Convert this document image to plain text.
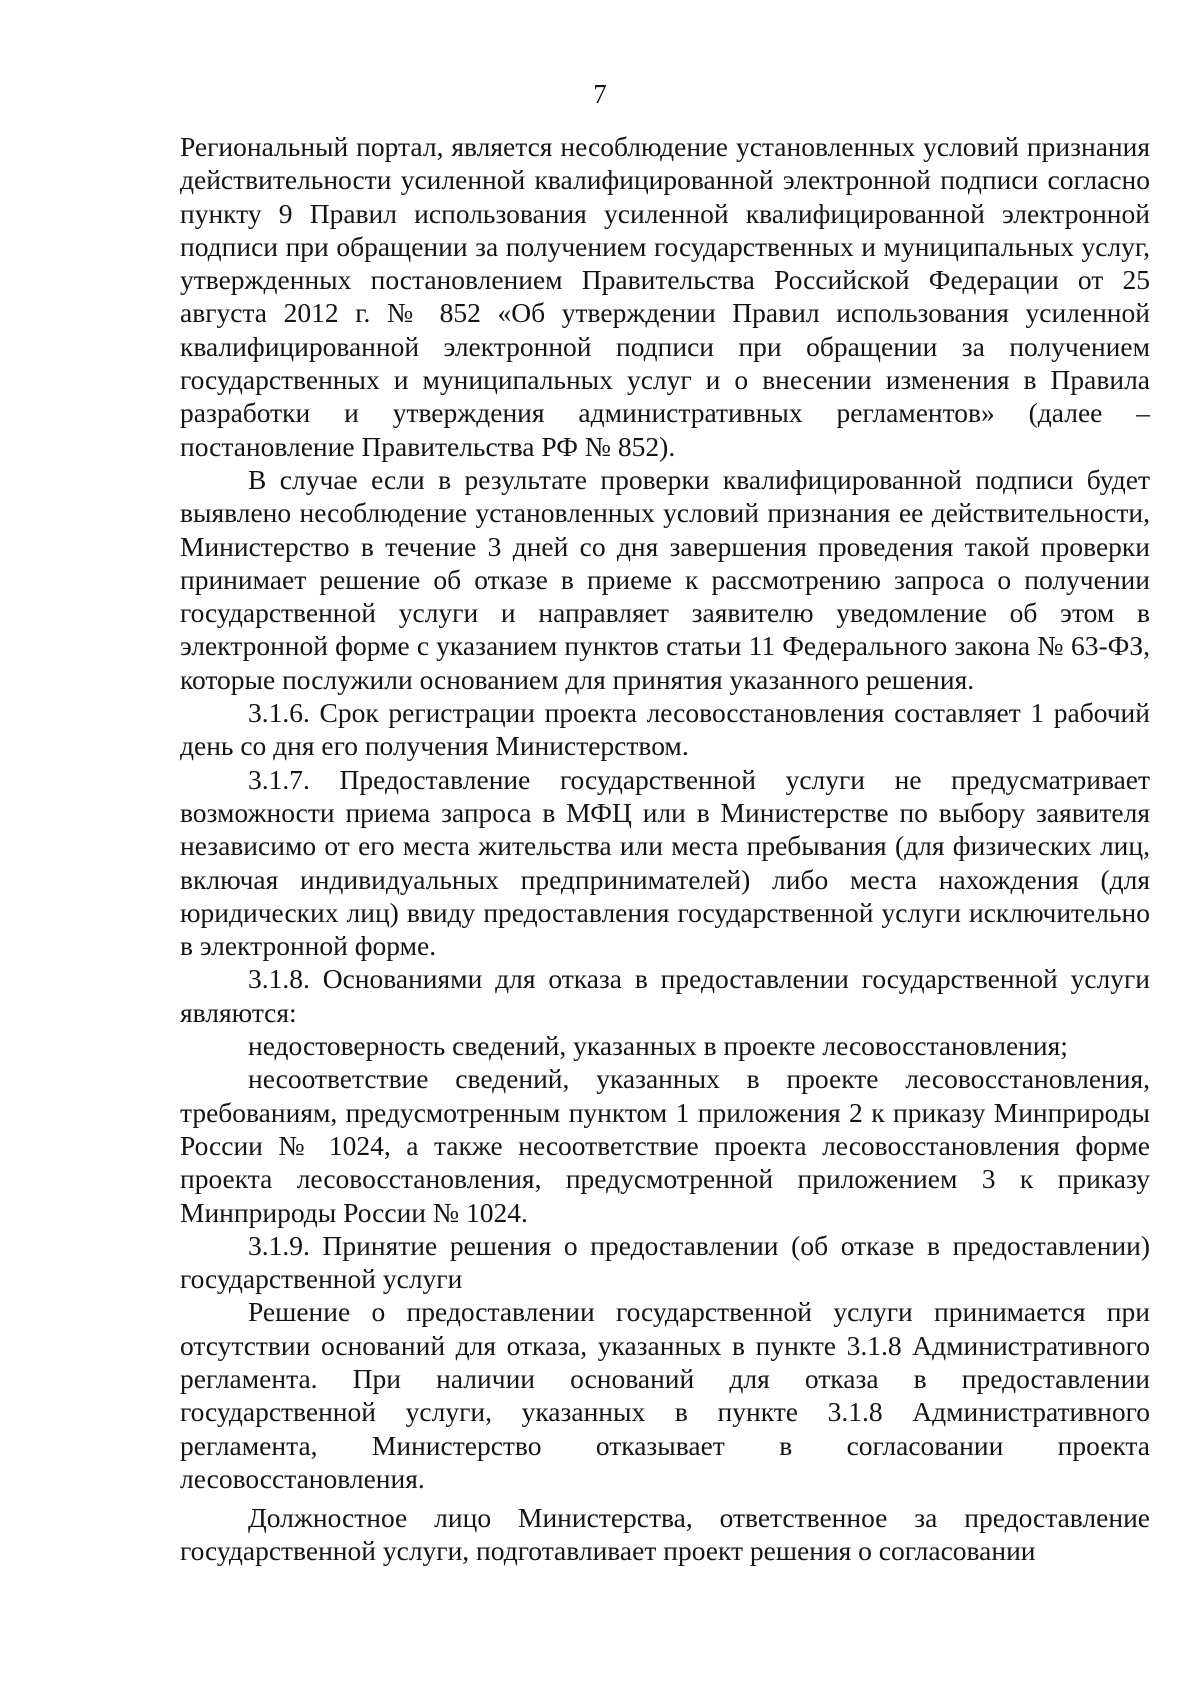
7

Региональный портал, является несоблюдение установленных условий признания действительности усиленной квалифицированной электронной подписи согласно пункту 9 Правил использования усиленной квалифицированной электронной подписи при обращении за получением государственных и муниципальных услуг, утвержденных постановлением Правительства Российской Федерации от 25 августа 2012 г. № 852 «Об утверждении Правил использования усиленной квалифицированной электронной подписи при обращении за получением государственных и муниципальных услуг и о внесении изменения в Правила разработки и утверждения административных регламентов» (далее – постановление Правительства РФ № 852).

В случае если в результате проверки квалифицированной подписи будет выявлено несоблюдение установленных условий признания ее действительности, Министерство в течение 3 дней со дня завершения проведения такой проверки принимает решение об отказе в приеме к рассмотрению запроса о получении государственной услуги и направляет заявителю уведомление об этом в электронной форме с указанием пунктов статьи 11 Федерального закона № 63-ФЗ, которые послужили основанием для принятия указанного решения.

3.1.6. Срок регистрации проекта лесовосстановления составляет 1 рабочий день со дня его получения Министерством.

3.1.7. Предоставление государственной услуги не предусматривает возможности приема запроса в МФЦ или в Министерстве по выбору заявителя независимо от его места жительства или места пребывания (для физических лиц, включая индивидуальных предпринимателей) либо места нахождения (для юридических лиц) ввиду предоставления государственной услуги исключительно в электронной форме.

3.1.8. Основаниями для отказа в предоставлении государственной услуги являются:

недостоверность сведений, указанных в проекте лесовосстановления;

несоответствие сведений, указанных в проекте лесовосстановления, требованиям, предусмотренным пунктом 1 приложения 2 к приказу Минприроды России № 1024, а также несоответствие проекта лесовосстановления форме проекта лесовосстановления, предусмотренной приложением 3 к приказу Минприроды России № 1024.

3.1.9. Принятие решения о предоставлении (об отказе в предоставлении) государственной услуги

Решение о предоставлении государственной услуги принимается при отсутствии оснований для отказа, указанных в пункте 3.1.8 Административного регламента. При наличии оснований для отказа в предоставлении государственной услуги, указанных в пункте 3.1.8 Административного регламента, Министерство отказывает в согласовании проекта лесовосстановления.

Должностное лицо Министерства, ответственное за предоставление государственной услуги, подготавливает проект решения о согласовании
